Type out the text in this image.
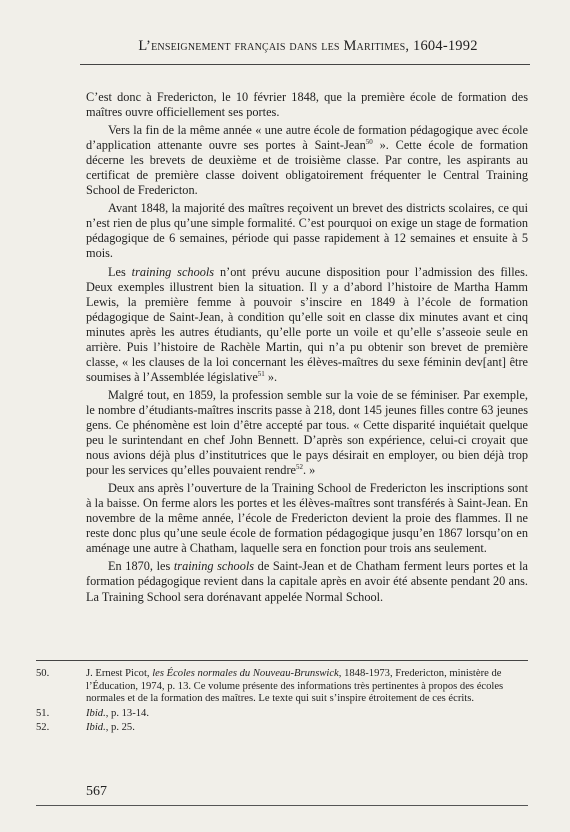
L’enseignement français dans les Maritimes, 1604-1992

C’est donc à Fredericton, le 10 février 1848, que la première école de formation des maîtres ouvre officiellement ses portes.

Vers la fin de la même année « une autre école de formation pédagogique avec école d’application attenante ouvre ses portes à Saint-Jean$^{50}$ ». Cette école de formation décerne les brevets de deuxième et de troisième classe. Par contre, les aspirants au certificat de première classe doivent obligatoirement fréquenter le Central Training School de Fredericton.

Avant 1848, la majorité des maîtres reçoivent un brevet des districts scolaires, ce qui n’est rien de plus qu’une simple formalité. C’est pourquoi on exige un stage de formation pédagogique de 6 semaines, période qui passe rapidement à 12 semaines et ensuite à 5 mois.

Les training schools n’ont prévu aucune disposition pour l’admission des filles. Deux exemples illustrent bien la situation. Il y a d’abord l’histoire de Martha Hamm Lewis, la première femme à pouvoir s’inscire en 1849 à l’école de formation pédagogique de Saint-Jean, à condition qu’elle soit en classe dix minutes avant et cinq minutes après les autres étudiants, qu’elle porte un voile et qu’elle s’asseoie seule en arrière. Puis l’histoire de Rachèle Martin, qui n’a pu obtenir son brevet de première classe, « les clauses de la loi concernant les élèves-maîtres du sexe féminin dev[ant] être soumises à l’Assemblée législative$^{51}$ ».

Malgré tout, en 1859, la profession semble sur la voie de se féminiser. Par exemple, le nombre d’étudiants-maîtres inscrits passe à 218, dont 145 jeunes filles contre 63 jeunes gens. Ce phénomène est loin d’être accepté par tous. « Cette disparité inquiétait quelque peu le surintendant en chef John Bennett. D’après son expérience, celui-ci croyait que nous avions déjà plus d’institutrices que le pays désirait en employer, ou bien déjà trop pour les services qu’elles pouvaient rendre$^{52}$. »

Deux ans après l’ouverture de la Training School de Fredericton les inscriptions sont à la baisse. On ferme alors les portes et les élèves-maîtres sont transférés à Saint-Jean. En novembre de la même année, l’école de Fredericton devient la proie des flammes. Il ne reste donc plus qu’une seule école de formation pédagogique jusqu’en 1867 lorsqu’on en aménage une autre à Chatham, laquelle sera en fonction pour trois ans seulement.

En 1870, les training schools de Saint-Jean et de Chatham ferment leurs portes et la formation pédagogique revient dans la capitale après en avoir été absente pendant 20 ans. La Training School sera dorénavant appelée Normal School.

50.	J. Ernest Picot, les Écoles normales du Nouveau-Brunswick, 1848-1973, Fredericton, ministère de l’Éducation, 1974, p. 13. Ce volume présente des informations très pertinentes à propos des écoles normales et de la formation des maîtres. Le texte qui suit s’inspire étroitement de ces écrits.
51.	Ibid., p. 13-14.
52.	Ibid., p. 25.
567
